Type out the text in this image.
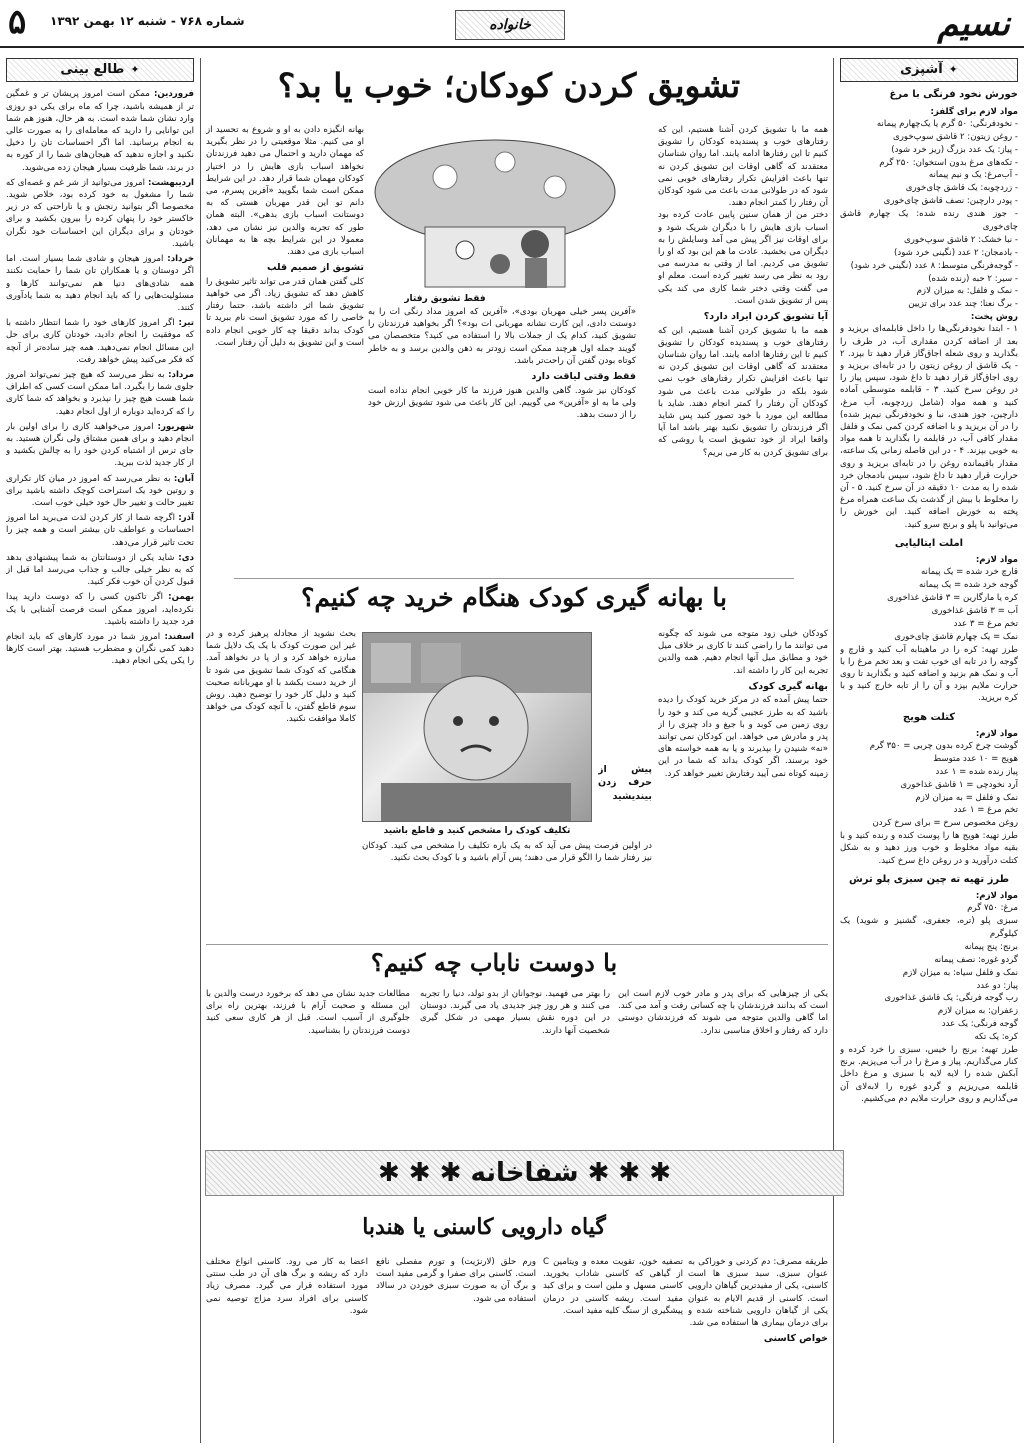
نسیم
خانواده
شماره ۷۶۸ - شنبه ۱۲ بهمن ۱۳۹۲
۵
✦آشپزی
خورش نخود فرنگی با مرغ
مواد لازم برای گلفز:
- نخودفرنگی: ۵۰ گرم یا یک‌چهارم پیمانه
- روغن زیتون: ۲ قاشق سوپ‌خوری
- پیاز: یک عدد بزرگ (ریز خرد شود)
- تکه‌های مرغ بدون استخوان: ۲۵۰ گرم
- آب‌مرغ: یک و نیم پیمانه
- زردچوبه: یک قاشق چای‌خوری
- پودر دارچین: نصف قاشق چای‌خوری
- جوز هندی رنده شده: یک چهارم قاشق چای‌خوری
- نبا خشک: ۲ قاشق سوپ‌خوری
- بادمجان: ۲ عدد (نگینی خرد شود)
- گوجه‌فرنگی متوسط: ۸ عدد (نگینی خرد شود)
- سیر: ۲ حبه (رنده شده)
- نمک و فلفل: به میزان لازم
- برگ نعنا: چند عدد برای تزیین
روش پخت:

۱ - ابتدا نخودفرنگی‌ها را داخل قابلمه‌ای بریزید و بعد از اضافه کردن مقداری آب، در ظرف را بگذارید و روی شعله اجاق‌گاز قرار دهید تا بپزد. ۲ - یک قاشق از روغن زیتون را در تابه‌ای بریزید و روی اجاق‌گاز قرار دهید تا داغ شود، سپس پیاز را در روغن سرخ کنید. ۳ - قابلمه متوسطی آماده کنید و همه مواد (شامل زردچوبه، آب مرغ، دارچین، جوز هندی، نبا و نخودفرنگی نیم‌پز شده) را در آن بریزید و با اضافه کردن کمی نمک و فلفل مقدار کافی آب، در قابلمه را بگذارید تا همه مواد به خوبی بپزند. ۴ - در این فاصله زمانی یک ساعته، مقدار باقیمانده روغن را در تابه‌ای بریزید و روی حرارت قرار دهید تا داغ شود، سپس بادمجان خرد شده را به مدت ۱۰ دقیقه در آن سرخ کنید. ۵ - آن را مخلوط با بیش از گذشت یک ساعت همراه مرغ پخته به خورش اضافه کنید. این خورش را می‌توانید با پلو و برنج سرو کنید.

املت ایتالیایی
مواد لازم:
قارچ خرد شده = یک پیمانه
گوجه خرد شده = یک پیمانه
کره یا مارگارین = ۳ قاشق غذاخوری
آب = ۳ قاشق غذاخوری
تخم مرغ = ۳ عدد
نمک = یک چهارم قاشق چای‌خوری

طرز تهیه: کره را در ماهیتابه آب کنید و قارچ و گوجه را در تابه ای خوب تفت و بعد تخم مرغ را با آب و نمک هم بزنید و اضافه کنید و بگذارید تا روی حرارت ملایم بپزد و آن را از تابه خارج کنید و با کره بریزید.

کتلت هویج
مواد لازم:
گوشت چرخ کرده بدون چربی = ۳۵۰ گرم
هویج = ۱۰ عدد متوسط
پیاز رنده شده = ۱ عدد
آرد نخودچی = ۱ قاشق غذاخوری
نمک و فلفل = به میزان لازم
تخم مرغ = ۱ عدد
روغن مخصوص سرخ = برای سرخ کردن

طرز تهیه: هویج ها را پوست کنده و رنده کنید و با بقیه مواد مخلوط و خوب ورز دهید و به شکل کتلت درآورید و در روغن داغ سرخ کنید.

طرز تهیه ته چین سبزی پلو ترش
مواد لازم:
مرغ: ۷۵۰ گرم
سبزی پلو (تره، جعفری، گشنیز و شوید) یک کیلوگرم
برنج: پنج پیمانه
گردو غوره: نصف پیمانه
نمک و فلفل سیاه: به میزان لازم
پیاز: دو عدد
رب گوجه فرنگی: یک قاشق غذاخوری
زعفران: به میزان لازم
گوجه فرنگی: یک عدد
کره: یک تکه

طرز تهیه: برنج را خیس، سبزی را خرد کرده و کنار می‌گذاریم. پیاز و مرغ را در آب می‌پزیم. برنج آبکش شده را لایه لایه با سبزی و مرغ داخل قابلمه می‌ریزیم و گردو غوره را لابه‌لای آن می‌گذاریم و روی حرارت ملایم دم می‌کشیم.

✦طالع بینی

فروردین: ممکن است امروز پریشان تر و غمگین تر از همیشه باشید، چرا که ماه برای یکی دو روزی وارد نشان شما شده است. به هر حال، هنوز هم شما این توانایی را دارید که معامله‌ای را به صورت عالی به انجام برسانید. اما اگر احساسات تان را دخیل نکنید و اجازه ندهید که هیجان‌های شما را از کوره به در برند، شما ظرفیت بسیار هیجان زده می‌شوید.

اردیبهشت: امروز می‌توانید از شر غم و غصه‌ای که شما را مشغول به خود کرده بود، خلاص شوید. مخصوصا اگر بتوانید رنجش و یا ناراحتی که در زیر خاکستر خود را پنهان کرده را بیرون بکشید و برای خودتان و برای دیگران این احساسات خود نگران باشید.

خرداد: امروز هیجان و شادی شما بسیار است. اما اگر دوستان و یا همکاران تان شما را حمایت نکنند همه شادی‌های دنیا هم نمی‌توانند کارها و مسئولیت‌هایی را که باید انجام دهید به شما یادآوری کنند.

تیر: اگر امروز کارهای خود را شما انتظار داشته با که موفقیت را انجام دادید، خودتان کاری برای حل این مسائل انجام نمی‌دهید. همه چیز ساده‌تر از آنچه که فکر می‌کنید پیش خواهد رفت.

مرداد: به نظر می‌رسد که هیچ چیز نمی‌تواند امروز جلوی شما را بگیرد. اما ممکن است کسی که اطراف شما هست هیچ چیز را نپذیرد و بخواهد که شما کاری را که کرده‌اید دوباره از اول انجام دهید.

شهریور: امروز می‌خواهید کاری را برای اولین بار انجام دهید و برای همین مشتاق ولی نگران هستید. به جای ترس از اشتباه کردن خود را به چالش بکشید و از کار جدید لذت ببرید.

آبان: به نظر می‌رسد که امروز در میان کار تکراری و روتین خود یک استراحت کوچک داشته باشید برای تغییر حالت و تغییر حال خود خیلی خوب است.

آذر: اگرچه شما از کار کردن لذت می‌برید اما امروز احساسات و عواطف تان بیشتر است و همه چیز را تحت تاثیر قرار می‌دهد.

دی: شاید یکی از دوستانتان به شما پیشنهادی بدهد که به نظر خیلی جالب و جذاب می‌رسد اما قبل از قبول کردن آن خوب فکر کنید.

بهمن: اگر تاکنون کسی را که دوست دارید پیدا نکرده‌اید، امروز ممکن است فرصت آشنایی با یک فرد جدید را داشته باشید.

اسفند: امروز شما در مورد کارهای که باید انجام دهید کمی نگران و مضطرب هستید. بهتر است کارها را یکی یکی انجام دهید.

تشویق کردن کودکان؛ خوب یا بد؟

همه ما با تشویق کردن آشنا هستیم، این که رفتارهای خوب و پسندیده کودکان را تشویق کنیم تا این رفتارها ادامه یابند. اما روان شناسان معتقدند که گاهی اوقات این تشویق کردن نه تنها باعث افزایش تکرار رفتارهای خوبی نمی شود که در طولانی مدت باعث می شود کودکان آن رفتار را کمتر انجام دهند.

دختر من از همان سنین پایین عادت کرده بود اسباب بازی هایش را با دیگران شریک شود و برای اوقات نیز اگر پیش می آمد وسایلش را به دیگران می بخشید. عادت ما هم این بود که او را تشویق می کردیم. اما از وقتی به مدرسه می رود به نظر می رسد تغییر کرده است. معلم او می گفت وقتی دختر شما کاری می کند یکی پس از تشویق شدن است.

آیا تشویق کردن ایراد دارد؟

همه ما با تشویق کردن آشنا هستیم، این که رفتارهای خوب و پسندیده کودکان را تشویق کنیم تا این رفتارها ادامه یابند. اما روان شناسان معتقدند که گاهی اوقات این تشویق کردن نه تنها باعث افزایش تکرار رفتارهای خوب نمی شود بلکه در طولانی مدت باعث می شود کودکان آن رفتار را کمتر انجام دهند. شاید با مطالعه این مورد با خود تصور کنید پس شاید اگر فرزندتان را تشویق نکنید بهتر باشد اما آیا واقعا ایراد از خود تشویق است یا روشی که برای تشویق کردن به کار می بریم؟

فقط تشویق رفتار

«آفرین پسر خیلی مهربان بودی»، «آفرین که امروز مداد رنگی ات را به دوستت دادی، این کارت نشانه مهربانی ات بود»؟ اگر بخواهید فرزندتان را تشویق کنید، کدام یک از جملات بالا را استفاده می کنید؟ متخصصان می گویند جمله اول هرچند ممکن است زودتر به ذهن والدین برسد و به خاطر کوتاه بودن گفتن آن راحت‌تر باشد.

فقط وقتی لیاقت دارد

کودکان نیز شود. گاهی والدین هنوز فرزند ما کار خوبی انجام نداده است ولی ما به او «آفرین» می گوییم. این کار باعث می شود تشویق ارزش خود را از دست بدهد.

بهانه انگیزه دادن به او و شروع به تحسید از او می کنیم. مثلا موقعیتی را در نظر بگیرید که مهمان دارید و احتمال می دهید فرزندتان نخواهد اسباب بازی هایش را در اختیار کودکان مهمان شما قرار دهد. در این شرایط ممکن است شما بگویید «آفرین پسرم، می دانم تو این قدر مهربان هستی که به دوستانت اسباب بازی بدهی». البته همان طور که تجربه والدین نیز نشان می دهد، معمولا در این شرایط بچه ها به مهمانان اسباب بازی می دهند.

تشویق از صمیم قلب

کلی گفتن همان قدر می تواند تاثیر تشویق را کاهش دهد که تشویق زیاد. اگر می خواهید تشویق شما اثر داشته باشد، حتما رفتار خاصی را که مورد تشویق است نام ببرید تا کودک بداند دقیقا چه کار خوبی انجام داده است و این تشویق به دلیل آن رفتار است.

با بهانه گیری کودک هنگام خرید چه کنیم؟

کودکان خیلی زود متوجه می شوند که چگونه می توانند ما را راضی کنند تا کاری بر خلاف میل خود و مطابق میل آنها انجام دهیم. همه والدین تجربه این کار را داشته اند.

بهانه گیری کودک

حتما پیش آمده که در مرکز خرید کودک را دیده باشید که به طرز عجیبی گریه می کند و خود را روی زمین می کوبد و با جیغ و داد چیزی را از پدر و مادرش می خواهد. این کودکان نمی توانند «نه» شنیدن را بپذیرند و یا به همه خواسته های خود برسند. اگر کودک بداند که شما در این زمینه کوتاه نمی آیید رفتارش تغییر خواهد کرد.

پیش از حرف زدن بیندیشید
تکلیف کودک را مشخص کنید و قاطع باشید

در اولین فرصت پیش می آید که به یک باره تکلیف را مشخص می کنید. کودکان نیز رفتار شما را الگو قرار می دهند؛ پس آرام باشید و با کودک بحث نکنید.

بحث نشوید از مجادله پرهیز کرده و در غیر این صورت کودک با یک یک دلایل شما مبارزه خواهد کرد و از پا در نخواهد آمد. هنگامی که کودک شما تشویق می شود تا از خرید دست بکشد با او مهربانانه صحبت کنید و دلیل کار خود را توضیح دهید. روش سوم قاطع گفتن، با آنچه کودک می خواهد کاملا موافقت نکنید.

با دوست ناباب چه کنیم؟

یکی از چیزهایی که برای پدر و مادر خوب لازم است این است که بدانند فرزندشان با چه کسانی رفت و آمد می کند. اما گاهی والدین متوجه می شوند که فرزندشان دوستی دارد که رفتار و اخلاق مناسبی ندارد.

را بهتر می فهمید. نوجوانان از بدو تولد، دنیا را تجربه می کنند و هر روز چیز جدیدی یاد می گیرند. دوستان در این دوره نقش بسیار مهمی در شکل گیری شخصیت آنها دارند.

مطالعات جدید نشان می دهد که برخورد درست والدین با این مسئله و صحبت آرام با فرزند، بهترین راه برای جلوگیری از آسیب است. قبل از هر کاری سعی کنید دوست فرزندتان را بشناسید.

✱ ✱ ✱ شفاخانه ✱ ✱ ✱
گیاه دارویی کاسنی یا هندبا

طریقه مصرف: دم کردنی و خوراکی به عنوان سبزی. سبد سبزی ها است کاسنی، یکی از مفیدترین گیاهان دارویی است. کاسنی از قدیم الایام به عنوان یکی از گیاهان دارویی شناخته شده و برای درمان بیماری ها استفاده می شد.

خواص کاسنی

تصفیه خون، تقویت معده و ویتامین C از گیاهی که کاسنی شاداب بخورید. کاسنی مسهل و ملین است و برای کبد مفید است. ریشه کاسنی در درمان پیشگیری از سنگ کلیه مفید است.

ورم حلق (لارنژیت) و تورم مفصلی نافع است. کاسنی برای صفرا و گرمی مفید است و برگ آن به صورت سبزی خوردن در سالاد استفاده می شود.

اعضا به کار می رود. کاسنی انواع مختلف دارد که ریشه و برگ های آن در طب سنتی مورد استفاده قرار می گیرد. مصرف زیاد کاسنی برای افراد سرد مزاج توصیه نمی شود.
